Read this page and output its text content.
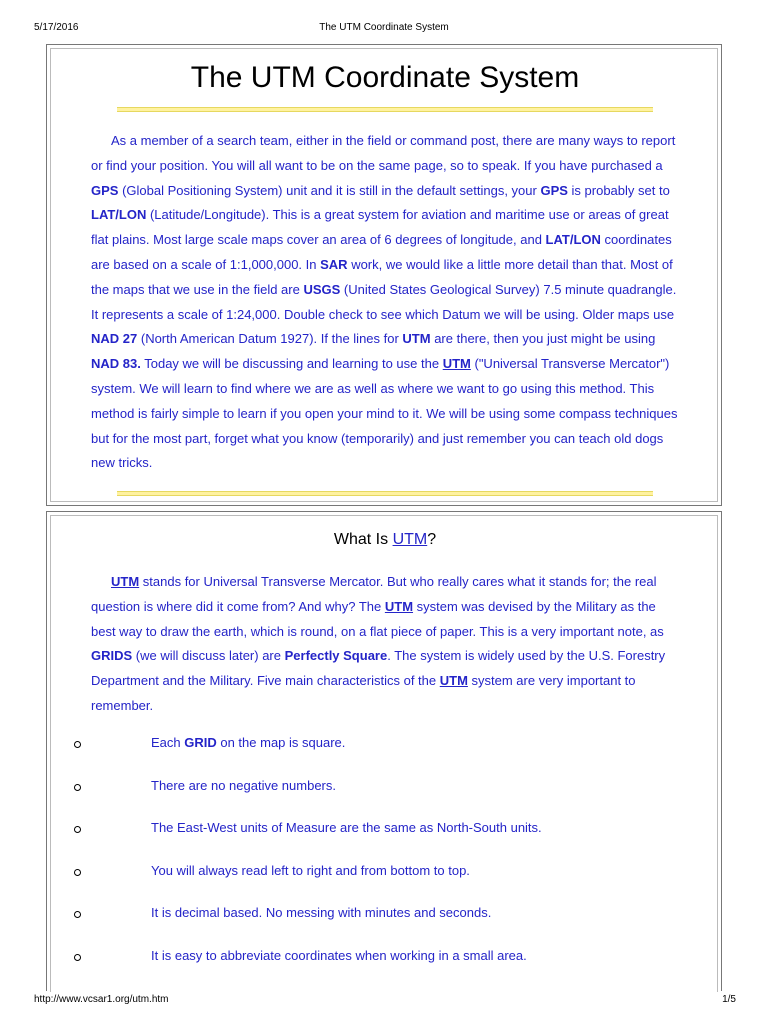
5/17/2016	The UTM Coordinate System
The UTM Coordinate System

As a member of a search team, either in the field or command post, there are many ways to report or find your position. You will all want to be on the same page, so to speak. If you have purchased a GPS (Global Positioning System) unit and it is still in the default settings, your GPS is probably set to LAT/LON (Latitude/Longitude). This is a great system for aviation and maritime use or areas of great flat plains. Most large scale maps cover an area of 6 degrees of longitude, and LAT/LON coordinates are based on a scale of 1:1,000,000. In SAR work, we would like a little more detail than that. Most of the maps that we use in the field are USGS (United States Geological Survey) 7.5 minute quadrangle. It represents a scale of 1:24,000. Double check to see which Datum we will be using. Older maps use NAD 27 (North American Datum 1927). If the lines for UTM are there, then you just might be using NAD 83. Today we will be discussing and learning to use the UTM ("Universal Transverse Mercator") system. We will learn to find where we are as well as where we want to go using this method. This method is fairly simple to learn if you open your mind to it. We will be using some compass techniques but for the most part, forget what you know (temporarily) and just remember you can teach old dogs new tricks.

What Is UTM?

UTM stands for Universal Transverse Mercator. But who really cares what it stands for; the real question is where did it come from? And why? The UTM system was devised by the Military as the best way to draw the earth, which is round, on a flat piece of paper. This is a very important note, as GRIDS (we will discuss later) are Perfectly Square. The system is widely used by the U.S. Forestry Department and the Military. Five main characteristics of the UTM system are very important to remember.

Each GRID on the map is square.
There are no negative numbers.
The East-West units of Measure are the same as North-South units.
You will always read left to right and from bottom to top.
It is decimal based. No messing with minutes and seconds.
It is easy to abbreviate coordinates when working in a small area.
http://www.vcsar1.org/utm.htm	1/5
